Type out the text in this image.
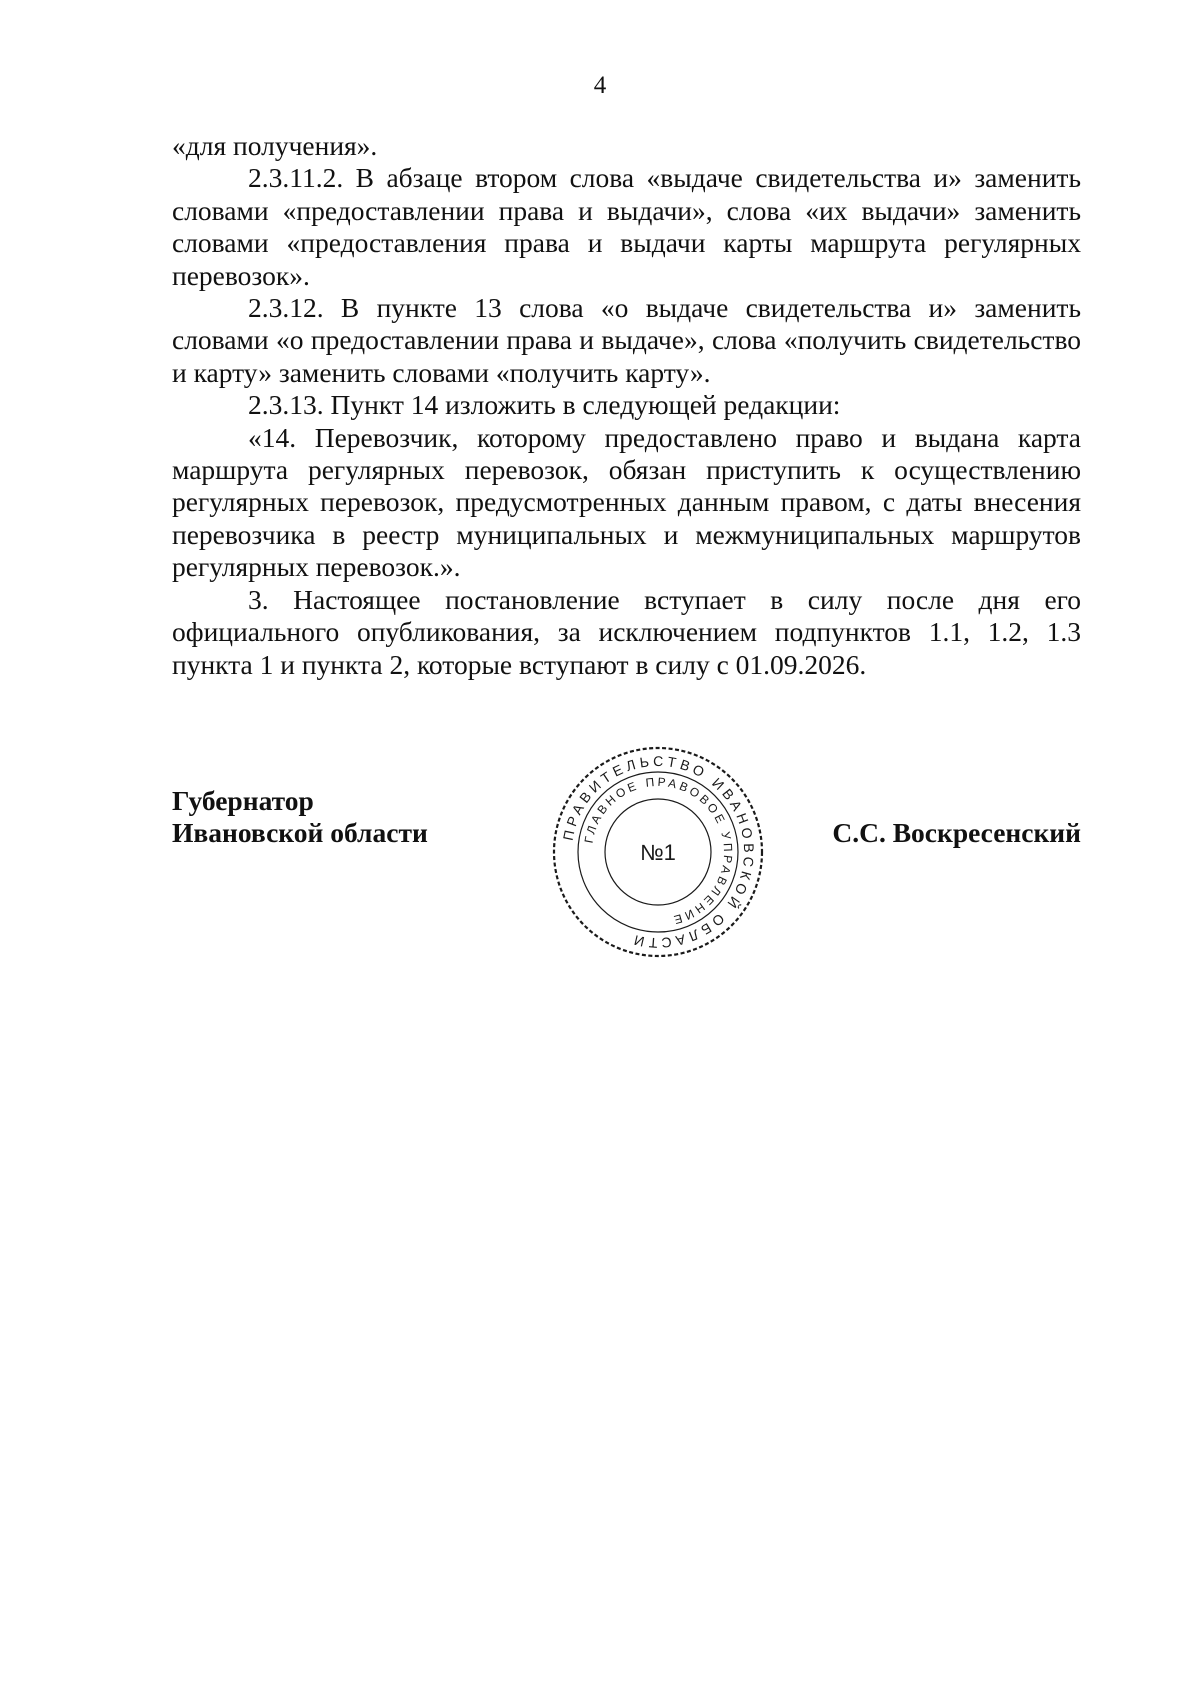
4

«для получения».

2.3.11.2. В абзаце втором слова «выдаче свидетельства и» заменить словами «предоставлении права и выдачи», слова «их выдачи» заменить словами «предоставления права и выдачи карты маршрута регулярных перевозок».

2.3.12. В пункте 13 слова «о выдаче свидетельства и» заменить словами «о предоставлении права и выдаче», слова «получить свидетельство и карту» заменить словами «получить карту».

2.3.13. Пункт 14 изложить в следующей редакции:

«14. Перевозчик, которому предоставлено право и выдана карта маршрута регулярных перевозок, обязан приступить к осуществлению регулярных перевозок, предусмотренных данным правом, с даты внесения перевозчика в реестр муниципальных и межмуниципальных маршрутов регулярных перевозок.».

3. Настоящее постановление вступает в силу после дня его официального опубликования, за исключением подпунктов 1.1, 1.2, 1.3 пункта 1 и пункта 2, которые вступают в силу с 01.09.2026.

Губернатор
Ивановской области	С.С. Воскресенский
ПРАВИТЕЛЬСТВО ИВАНОВСКОЙ ОБЛАСТИ
ГЛАВНОЕ ПРАВОВОЕ УПРАВЛЕНИЕ
№1
